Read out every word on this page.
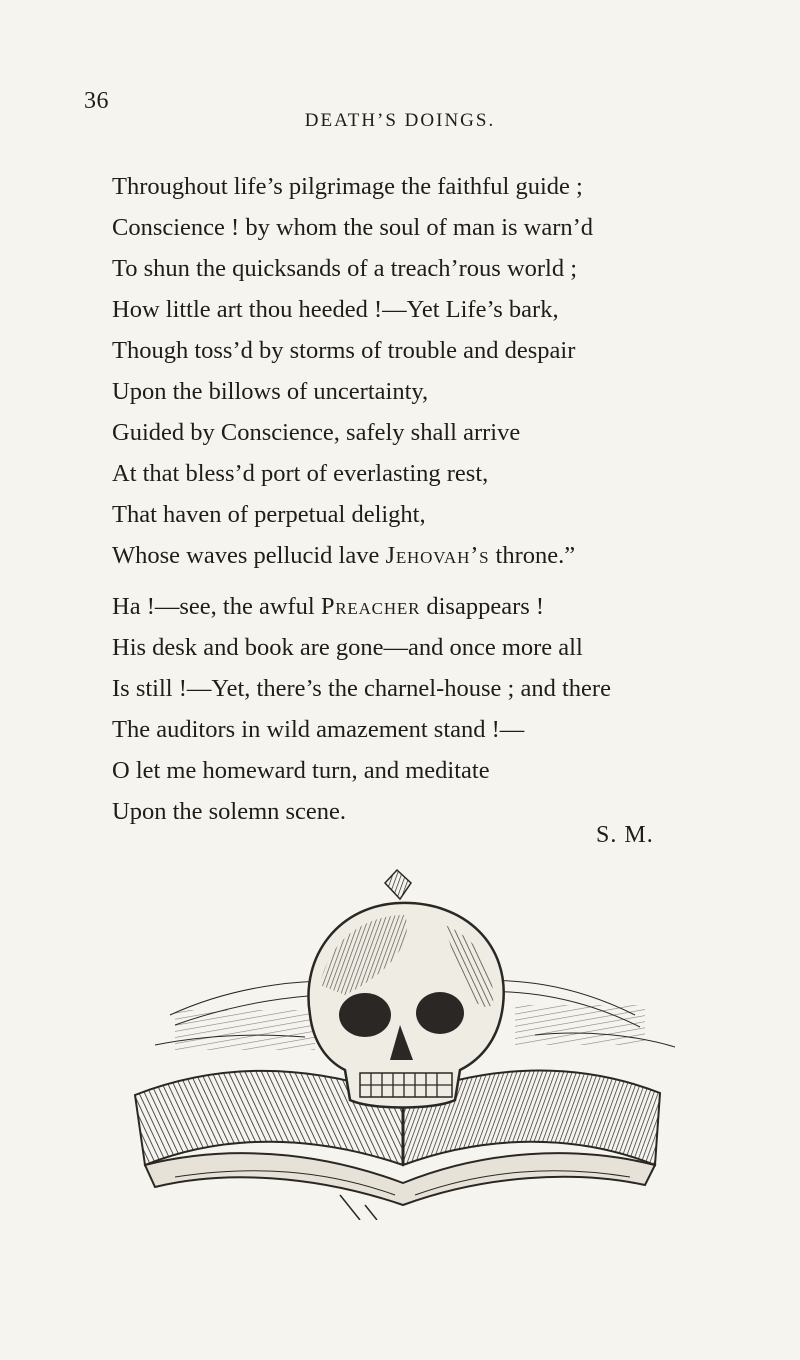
36
DEATH’S DOINGS.
Throughout life’s pilgrimage the faithful guide ;
Conscience ! by whom the soul of man is warn’d
To shun the quicksands of a treach’rous world ;
How little art thou heeded !—Yet Life’s bark,
Though toss’d by storms of trouble and despair
Upon the billows of uncertainty,
Guided by Conscience, safely shall arrive
At that bless’d port of everlasting rest,
That haven of perpetual delight,
Whose waves pellucid lave Jehovah’s throne.”
Ha !—see, the awful Preacher disappears !
His desk and book are gone—and once more all
Is still !—Yet, there’s the charnel-house ; and there
The auditors in wild amazement stand !—
O let me homeward turn, and meditate
Upon the solemn scene.
S. M.
